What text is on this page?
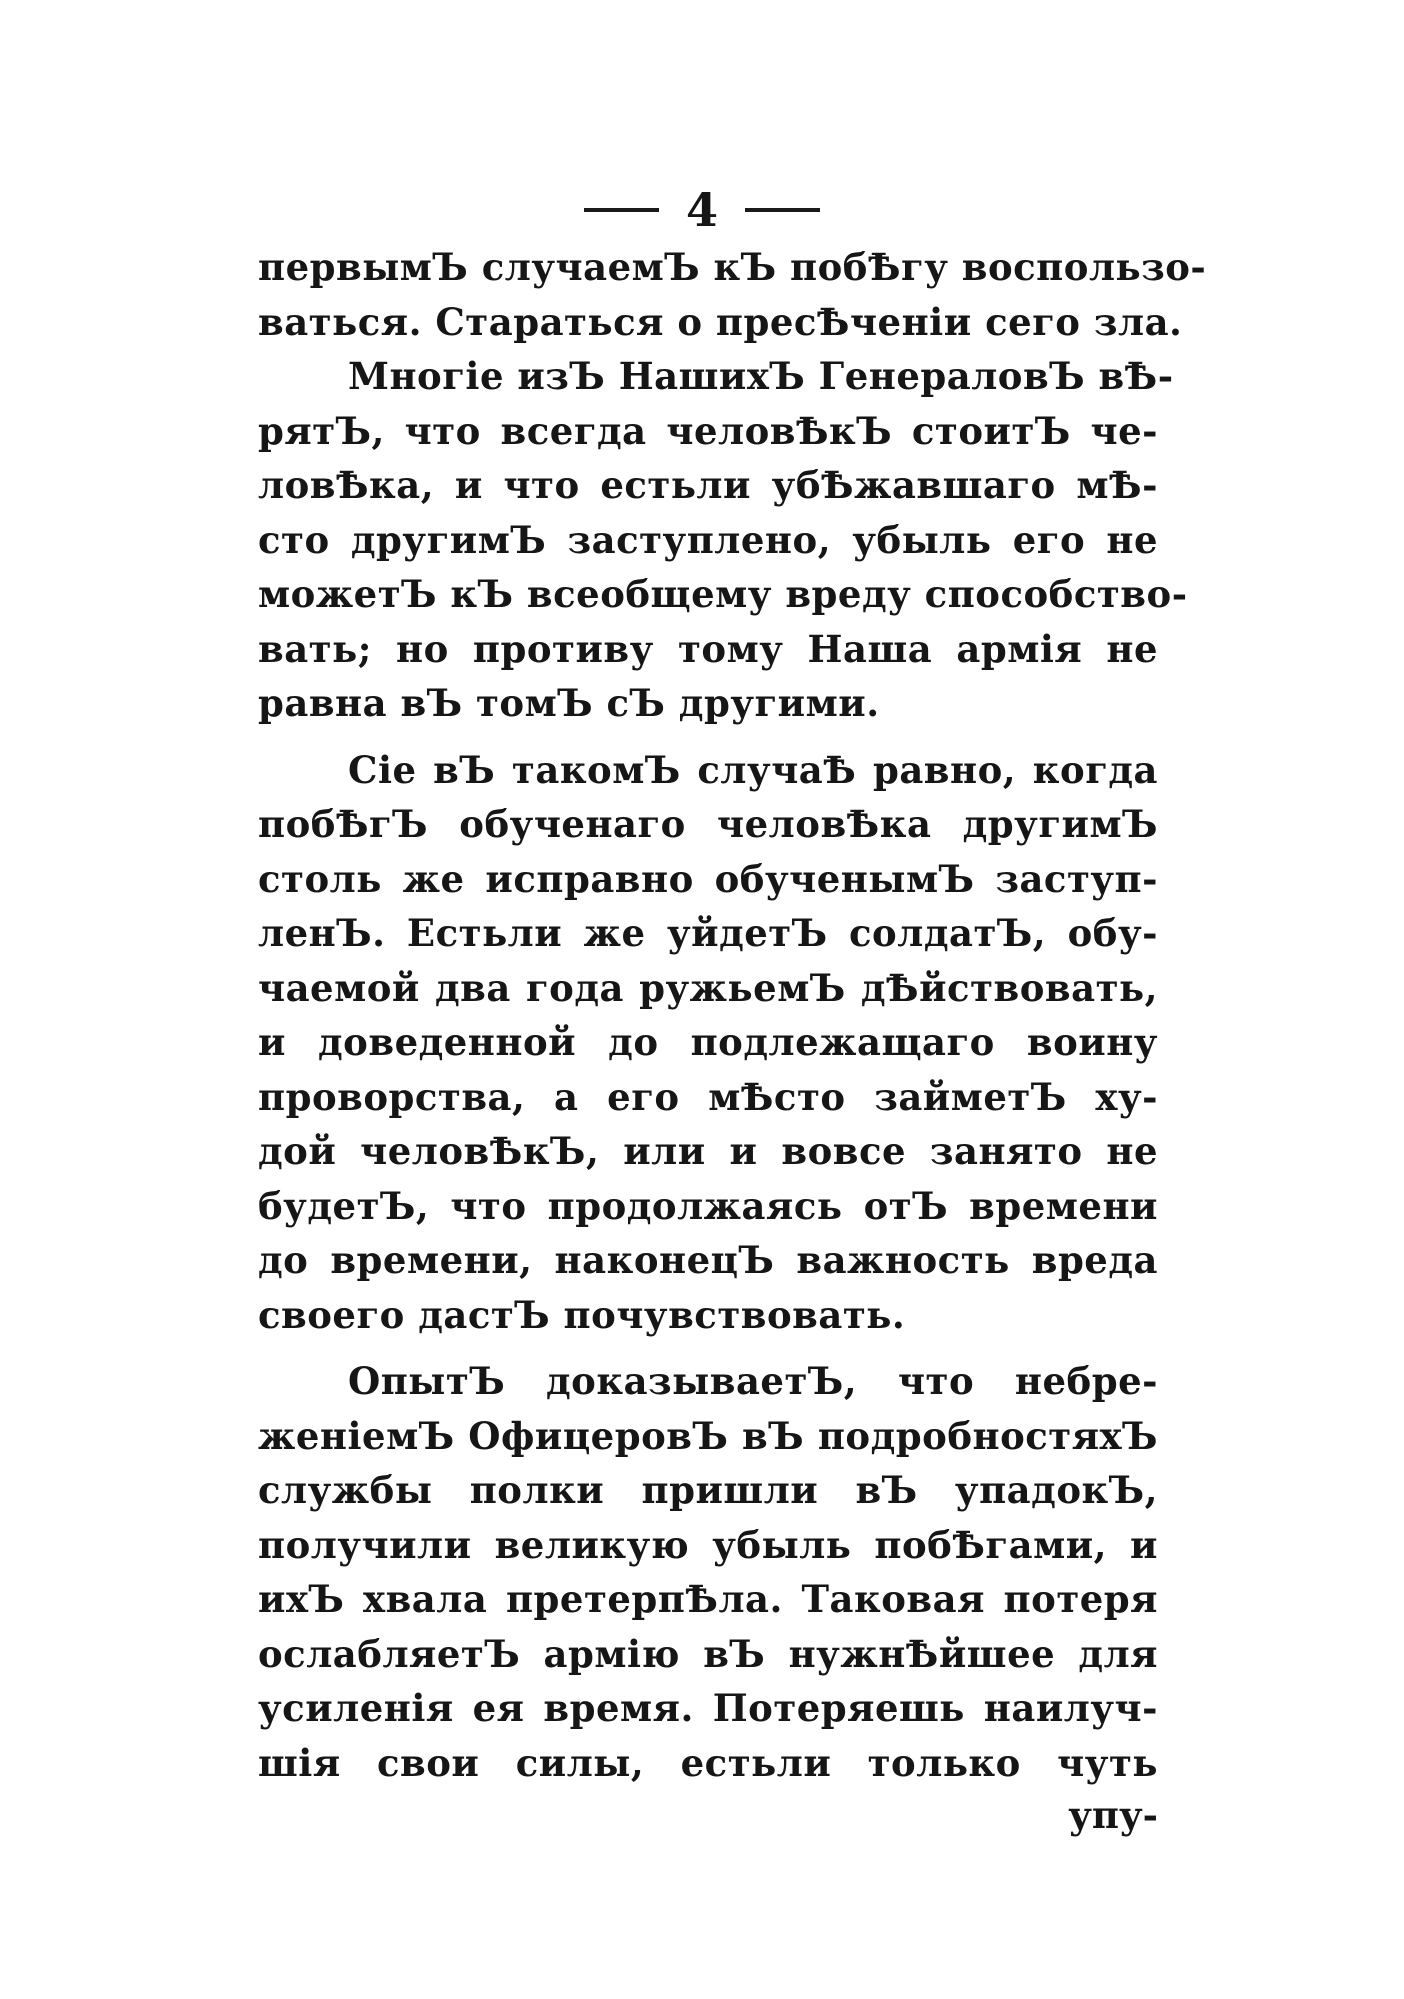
4
первымЪ случаемЪ кЪ побѢгу воспользо-
ваться. Стараться о пресѢченіи сего зла.
Многіе изЪ НашихЪ ГенераловЪ вѢ-
рятЪ, что всегда человѢкЪ стоитЪ че-
ловѢка, и что естьли убѢжавшаго мѢ-
сто другимЪ заступлено, убыль его не
можетЪ кЪ всеобщему вреду способство-
вать; но противу тому Наша армія не
равна вЪ томЪ сЪ другими.
Сіе вЪ такомЪ случаѢ равно, когда
побѢгЪ обученаго человѢка другимЪ
столь же исправно обученымЪ заступ-
ленЪ. Естьли же уйдетЪ солдатЪ, обу-
чаемой два года ружьемЪ дѢйствовать,
и доведенной до подлежащаго воину
проворства, а его мѢсто займетЪ ху-
дой человѢкЪ, или и вовсе занято не
будетЪ, что продолжаясь отЪ времени
до времени, наконецЪ важность вреда
своего дастЪ почувствовать.
ОпытЪ доказываетЪ, что небре-
женіемЪ ОфицеровЪ вЪ подробностяхЪ
службы полки пришли вЪ упадокЪ,
получили великую убыль побѢгами, и
ихЪ хвала претерпѢла. Таковая потеря
ослабляетЪ армію вЪ нужнѢйшее для
усиленія ея время. Потеряешь наилуч-
шія свои силы, естьли только чуть
упу-
